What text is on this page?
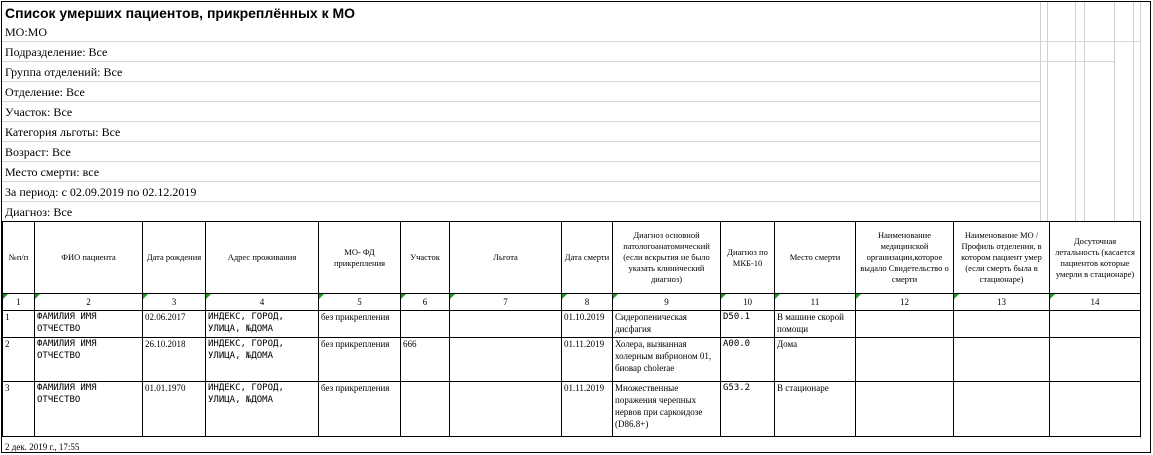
Список умерших пациентов, прикреплённых к МО
МО:МО
Подразделение: Все
Группа отделений: Все
Отделение: Все
Участок: Все
Категория льготы: Все
Возраст: Все
Место смерти: все
За период: с 02.09.2019 по 02.12.2019
Диагноз: Все
№п/п	ФИО пациента	Дата рождения	Адрес проживания	МО- ФД прикрепления	Участок	Льгота	Дата смерти	Диагноз основной патологоанатомический (если вскрытия не было указать клинический диагноз)	Диагноз по МКБ-10	Место смерти	Наименование медицинской организации,которое выдало Свидетельство о смерти	Наименование МО / Профиль отделения, в котором пациент умер (если смерть была в стационаре)	Досуточная летальность (касается пациентов которые умерли в стационаре)

1	2	3	4	5	6	7	8	9	10	11	12	13	14
1	ФАМИЛИЯ ИМЯ ОТЧЕСТВО	02.06.2017	ИНДЕКС, ГОРОД, УЛИЦА, №ДОМА	без прикрепления			01.10.2019	Сидеропеническая дисфагия	D50.1	В машине скорой помощи			
2	ФАМИЛИЯ ИМЯ ОТЧЕСТВО	26.10.2018	ИНДЕКС, ГОРОД, УЛИЦА, №ДОМА	без прикрепления	666		01.11.2019	Холера, вызванная холерным вибрионом 01, биовар cholerae	A00.0	Дома			
3	ФАМИЛИЯ ИМЯ ОТЧЕСТВО	01.01.1970	ИНДЕКС, ГОРОД, УЛИЦА, №ДОМА	без прикрепления			01.11.2019	Множественные поражения черепных нервов при саркоидозе (D86.8+)	G53.2	В стационаре			
2 дек. 2019 г., 17:55
